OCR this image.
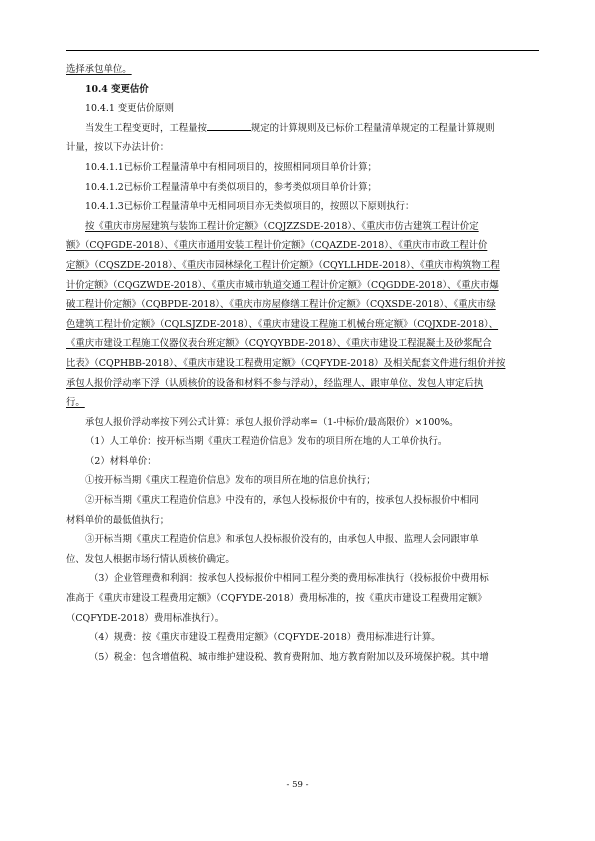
选择承包单位。

10.4 变更估价

10.4.1 变更估价原则

当发生工程变更时，工程量按	规定的计算规则及已标价工程量清单规定的工程量计算规则

计量，按以下办法计价：

10.4.1.1已标价工程量清单中有相同项目的，按照相同项目单价计算；

10.4.1.2已标价工程量清单中有类似项目的，参考类似项目单价计算；

10.4.1.3已标价工程量清单中无相同项目亦无类似项目的，按照以下原则执行：

按《重庆市房屋建筑与装饰工程计价定额》（CQJZZSDE-2018）、《重庆市仿古建筑工程计价定

额》（CQFGDE-2018）、《重庆市通用安装工程计价定额》（CQAZDE-2018）、《重庆市市政工程计价

定额》（CQSZDE-2018）、《重庆市园林绿化工程计价定额》（CQYLLHDE-2018）、《重庆市构筑物工程

计价定额》（CQGZWDE-2018）、《重庆市城市轨道交通工程计价定额》（CQGDDE-2018）、《重庆市爆

破工程计价定额》（CQBPDE-2018）、《重庆市房屋修缮工程计价定额》（CQXSDE-2018）、《重庆市绿

色建筑工程计价定额》（CQLSJZDE-2018）、《重庆市建设工程施工机械台班定额》（CQJXDE-2018）、

《重庆市建设工程施工仪器仪表台班定额》（CQYQYBDE-2018）、《重庆市建设工程混凝土及砂浆配合

比表》（CQPHBB-2018）、《重庆市建设工程费用定额》（CQFYDE-2018）及相关配套文件进行组价并按

承包人报价浮动率下浮（认质核价的设备和材料不参与浮动），经监理人、跟审单位、发包人审定后执

行。

承包人报价浮动率按下列公式计算：承包人报价浮动率=（1-中标价/最高限价）×100%。

（1）人工单价：按开标当期《重庆工程造价信息》发布的项目所在地的人工单价执行。

（2）材料单价：

①按开标当期《重庆工程造价信息》发布的项目所在地的信息价执行；

②开标当期《重庆工程造价信息》中没有的，承包人投标报价中有的，按承包人投标报价中相同

材料单价的最低值执行；

③开标当期《重庆工程造价信息》和承包人投标报价没有的，由承包人申报、监理人会同跟审单

位、发包人根据市场行情认质核价确定。

（3）企业管理费和利润：按承包人投标报价中相同工程分类的费用标准执行（投标报价中费用标

准高于《重庆市建设工程费用定额》（CQFYDE-2018）费用标准的，按《重庆市建设工程费用定额》

（CQFYDE-2018）费用标准执行）。

（4）规费：按《重庆市建设工程费用定额》（CQFYDE-2018）费用标准进行计算。

（5）税金：包含增值税、城市维护建设税、教育费附加、地方教育附加以及环境保护税。其中增

- 59 -
